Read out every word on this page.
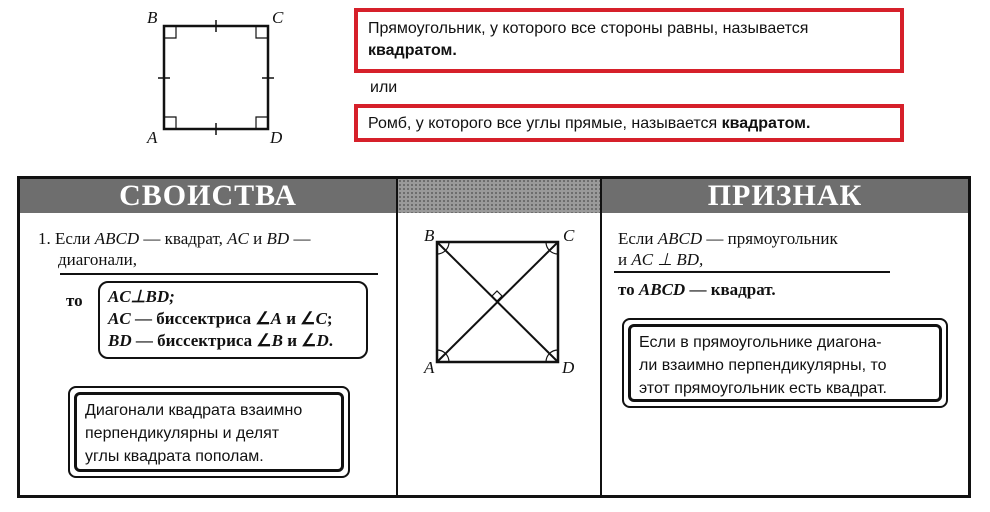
B	C
A	D
Прямоугольник, у которого все стороны равны, называется
квадратом.
или
Ромб, у которого все углы прямые, называется квадратом.
СВОИСТВА	ПРИЗНАК
1. Если ABCD — квадрат, AC и BD —
диагонали,
то AC⊥BD;
AC — биссектриса ∠A и ∠C;
BD — биссектриса ∠B и ∠D.
Диагонали квадрата взаимно
перпендикулярны и делят
углы квадрата пополам.
B	C
A	D
Если ABCD — прямоугольник
и AC ⊥ BD,
то ABCD — квадрат.
Если в прямоугольнике диагона-
ли взаимно перпендикулярны, то
этот прямоугольник есть квадрат.
